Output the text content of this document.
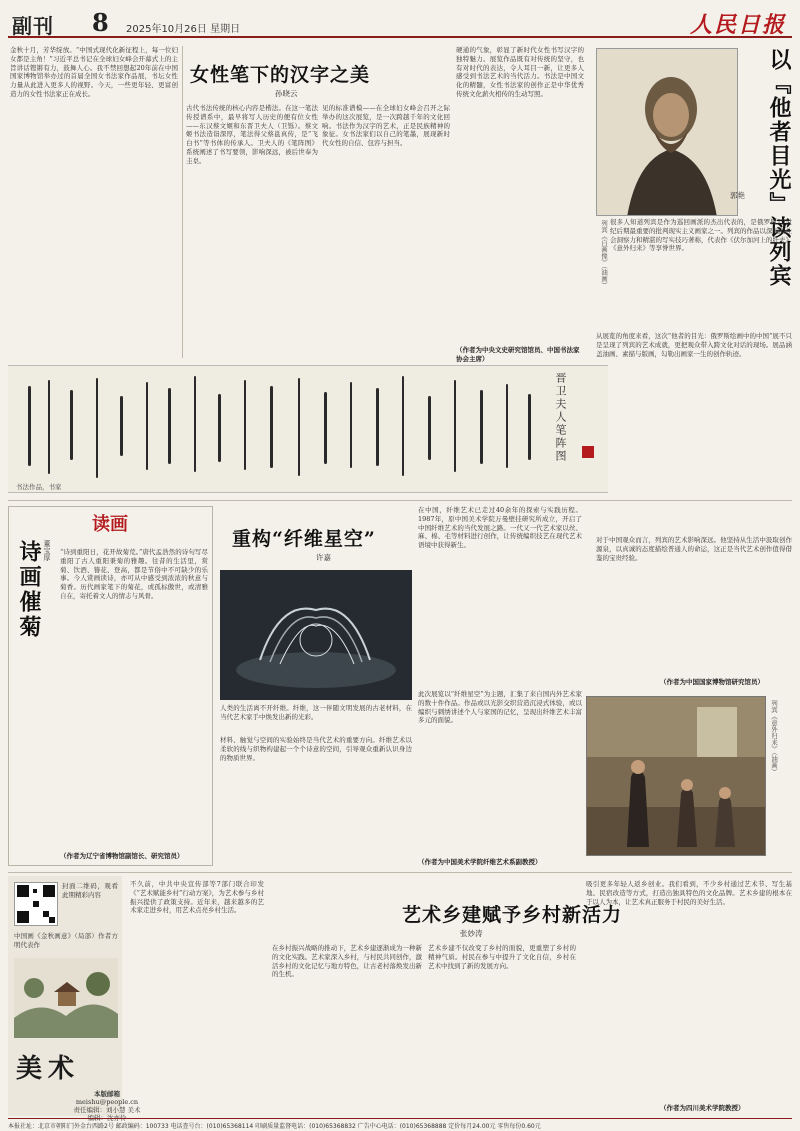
副刊 8 2025年10月26日 星期日	人民日报
女性笔下的汉字之美
孙晓云
金秋十月，芳华绽放。“中国式现代化新征程上，每一位妇女都是主角！”习近平总书记在全球妇女峰会开幕式上的主旨讲话铿锵有力，鼓舞人心。我不禁回想起20年前在中国国家博物馆举办过的首届全国女书法家作品展，书坛女性力量从此进入更多人的视野。今天，一些更年轻、更富创造力的女性书法家正在成长。
古代书法传统的核心内容是楷法。在这一笔法传授谱系中，最早将写人历史的便有位女性——东汉蔡文姬和东晋卫夫人（卫铄）。蔡文姬书法造诣深厚，笔法得父蔡邕真传，是“飞白书”等书体的传承人。卫夫人的《笔阵图》系统阐述了书写要领，影响深远，被后世奉为圭臬。
见的标准谱模——在全球妇女峰会召开之际举办的这次展览，是一次跨越千年的文化回响。书法作为汉字的艺术，正是民族精神的象征。女书法家们以自己的笔墨，展现新时代女性的自信、包容与担当。
硬通的气象，彰显了新时代女性书写汉字的独特魅力。展览作品既有对传统的坚守，也有对时代的表达，令人耳目一新，让更多人感受到书法艺术的当代活力。书法是中国文化的精髓，女性书法家的创作正是中华优秀传统文化薪火相传的生动写照。
（作者为中央文史研究馆馆员、中国书法家协会主席）
晋卫夫人笔阵图
书法作品，书家
列宾《自画像》（油画）	以『他者目光』读列宾
郭艳
很多人知道列宾是作为巡回画派的杰出代表的，是俄罗斯19世纪后期最重要的批判现实主义画家之一。列宾的作品以深刻的社会洞察力和精湛的写实技巧著称，代表作《伏尔加河上的纤夫》《意外归来》等享誉世界。
从展览的角度来看，这次“他者的目光：俄罗斯绘画中的中国”展不只是呈现了列宾的艺术成就，更把观众带入跨文化对话的现场。展品涵盖油画、素描与版画，勾勒出画家一生的创作轨迹。
对于中国观众而言，列宾的艺术影响深远。他坚持从生活中汲取创作源泉，以真诚的态度描绘普通人的命运，这正是当代艺术创作值得借鉴的宝贵经验。
（作者为中国国家博物馆研究馆员）
列宾《意外归来》（油画）
读画
诗画催菊 董宝厚 “诗到重阳日，花开故菊荒。”唐代孟浩然的诗句写尽重阳了古人重阳秉菊的雅趣。往昔的生活里，赏菊、饮酒、簪花、登高，都是节俗中不可缺少的乐事。今人赏画读诗，亦可从中感受到浓浓的秋意与菊香。历代画家笔下的菊花，或孤标傲世，或清雅自在，寄托着文人的情志与风骨。
（作者为辽宁省博物馆副馆长、研究馆员）
重构“纤维星空”
许嘉
人类的生活离不开纤维。纤维，这一伴随文明发展的古老材料，在当代艺术家手中焕发出新的光彩。
材料、触觉与空间的实验始终是当代艺术的重要方向。纤维艺术以柔软的线与织物构建起一个个诗意的空间，引导观众重新认识身边的物质世界。
在中国，纤维艺术已走过40余年的探索与实践历程。1987年，原中国美术学院万曼壁挂研究所成立，开启了中国纤维艺术的当代发展之路。一代又一代艺术家以丝、麻、棉、毛等材料进行创作，让传统编织技艺在现代艺术语境中获得新生。
此次展览以“纤维星空”为主题，汇集了来自国内外艺术家的数十件作品。作品或以光影交织营造沉浸式体验，或以编织与刺绣讲述个人与家国的记忆，呈现出纤维艺术丰富多元的面貌。
（作者为中国美术学院纤维艺术系副教授）
封面二维码，观看此期精彩内容
中国画《金秋画意》（局部）作者方明代表作
美术
本版邮箱
meishu@people.cn
责任编辑：刘小慧 美术编辑：沈亦伶
不久前，中共中央宣传部等7部门联合印发《“艺术赋能乡村”行动方案》，为艺术参与乡村振兴提供了政策支持。近年来，越来越多的艺术家走进乡村，用艺术点亮乡村生活。	艺术乡建赋予乡村新活力
张妙涛
在乡村振兴战略的推动下，艺术乡建逐渐成为一种新的文化实践。艺术家深入乡村，与村民共同创作，激活乡村的文化记忆与地方特色，让古老村落焕发出新的生机。
艺术乡建不仅改变了乡村的面貌，更重塑了乡村的精神气质。村民在参与中提升了文化自信，乡村在艺术中找到了新的发展方向。
吸引更多年轻人返乡创业。我们看到，不少乡村通过艺术节、写生基地、民宿改造等方式，打造出独具特色的文化品牌。艺术乡建的根本在于以人为本，让艺术真正服务于村民的美好生活。
（作者为四川美术学院教授）
本报社址：北京市朝阳门外金台西路2号 邮政编码：100733 电话查号台：(010)65368114 印刷质量监督电话：(010)65368832 广告中心电话：(010)65368888 定价每月24.00元 零售每份0.60元
